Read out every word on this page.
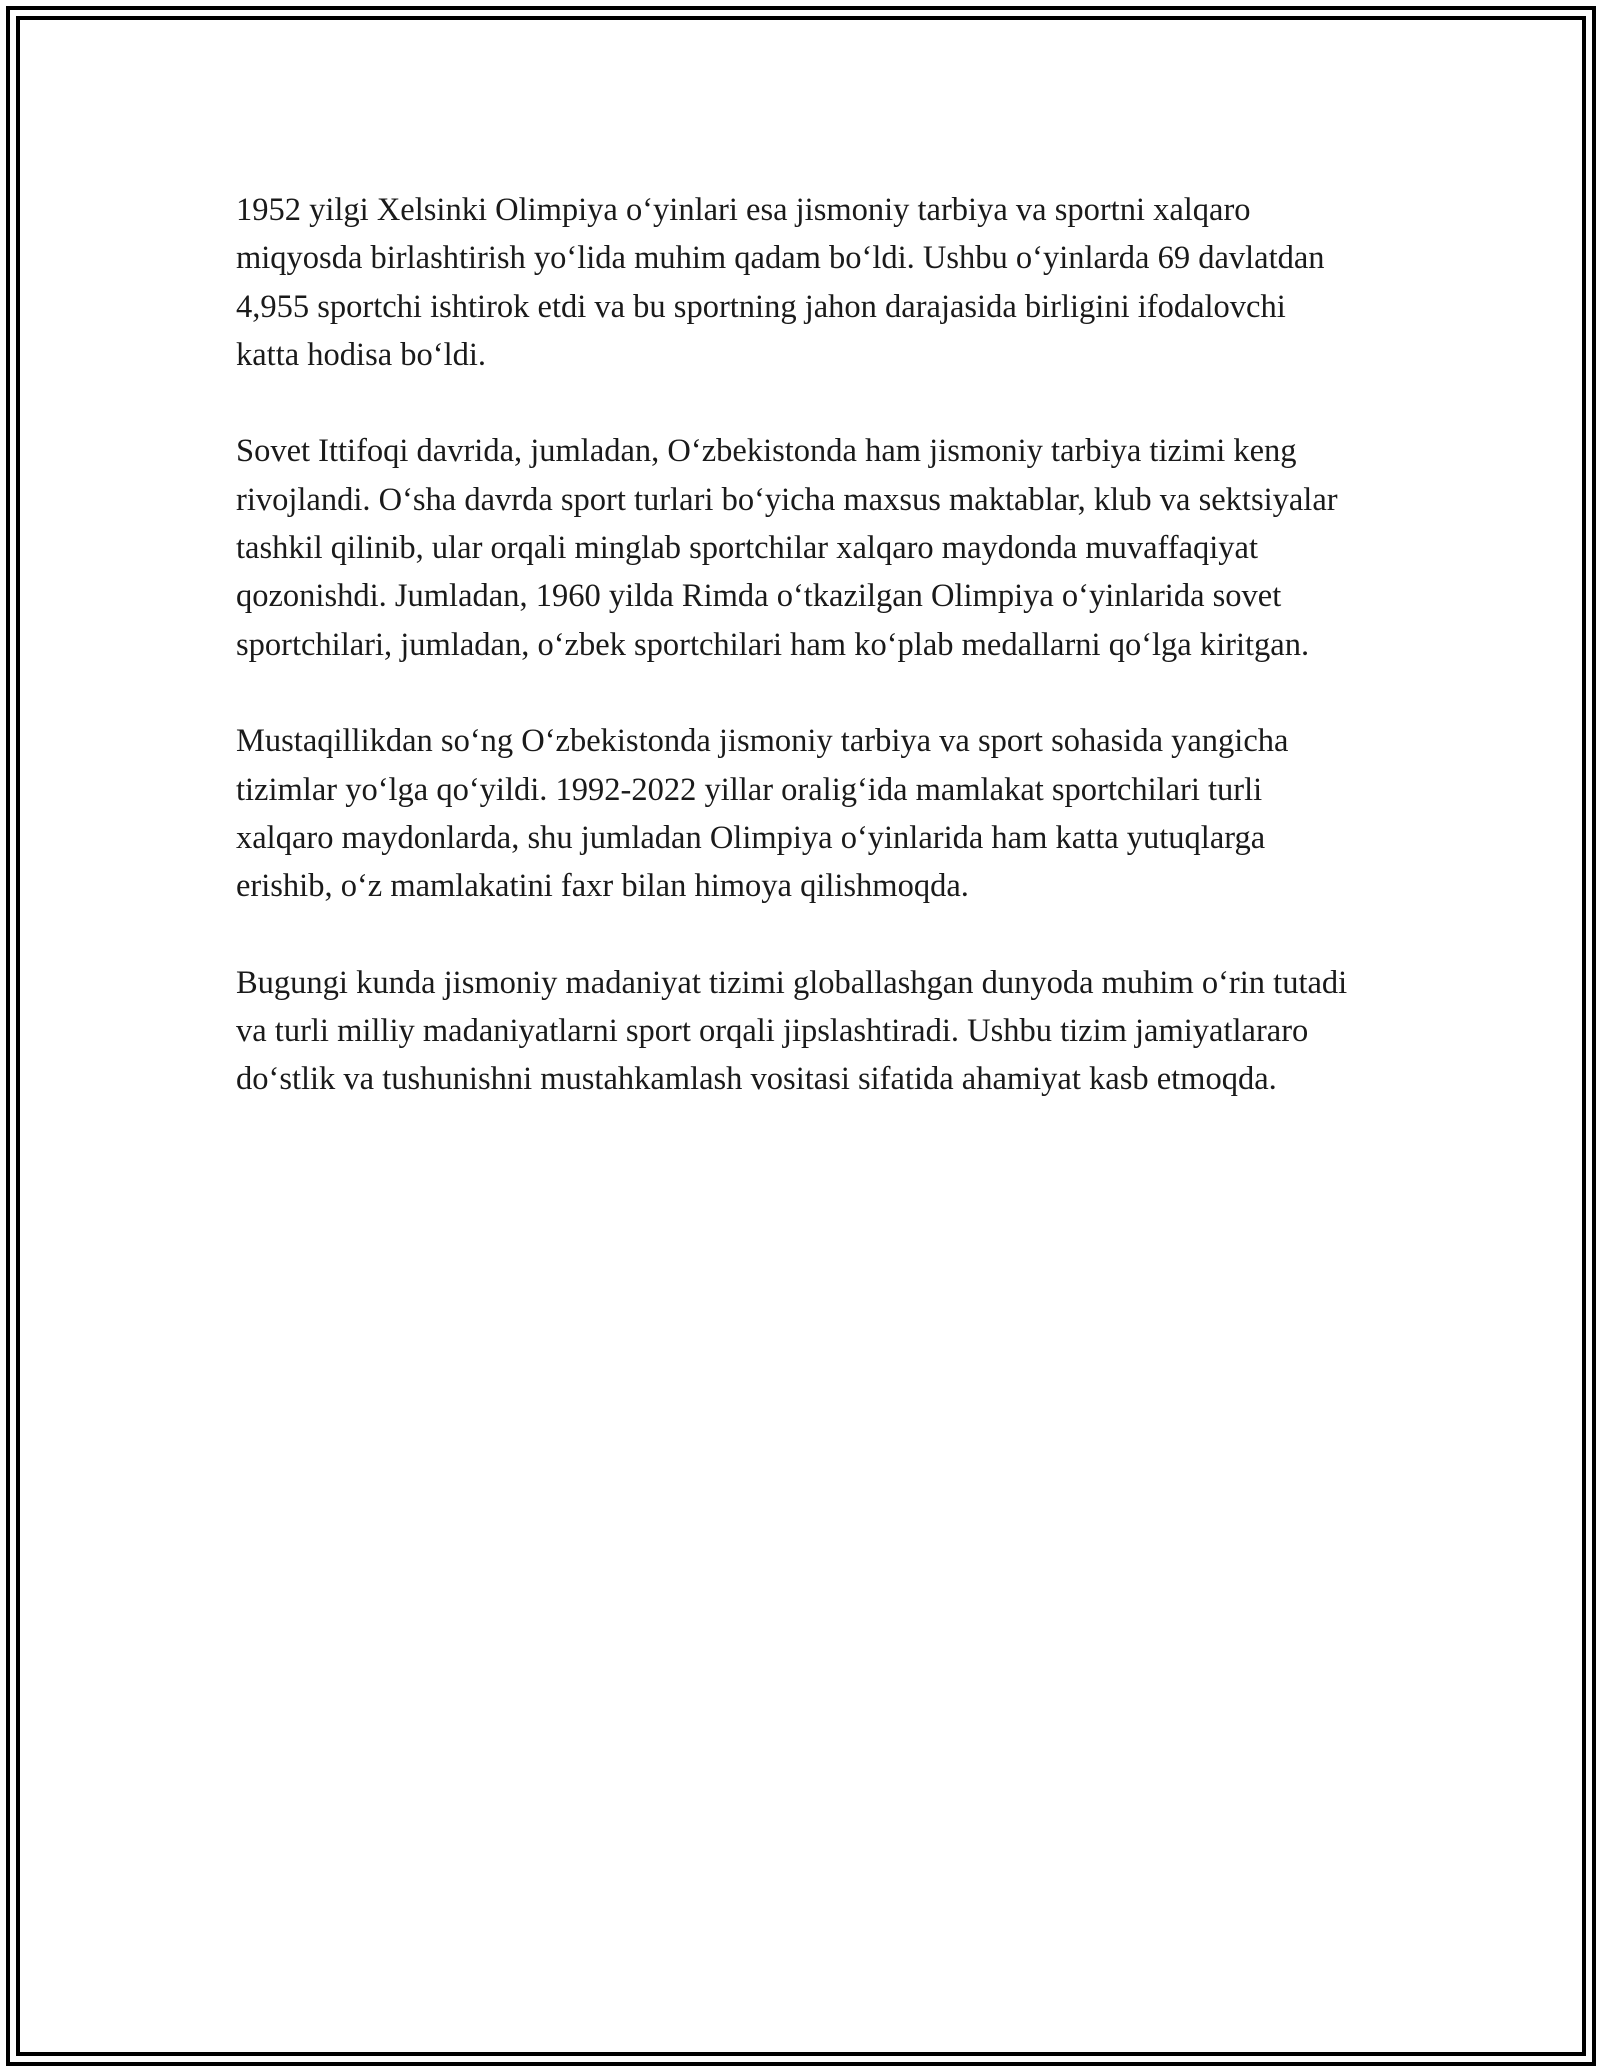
1952 yilgi Xelsinki Olimpiya o‘yinlari esa jismoniy tarbiya va sportni xalqaro miqyosda birlashtirish yo‘lida muhim qadam bo‘ldi. Ushbu o‘yinlarda 69 davlatdan 4,955 sportchi ishtirok etdi va bu sportning jahon darajasida birligini ifodalovchi katta hodisa bo‘ldi.

Sovet Ittifoqi davrida, jumladan, O‘zbekistonda ham jismoniy tarbiya tizimi keng rivojlandi. O‘sha davrda sport turlari bo‘yicha maxsus maktablar, klub va sektsiyalar tashkil qilinib, ular orqali minglab sportchilar xalqaro maydonda muvaffaqiyat qozonishdi. Jumladan, 1960 yilda Rimda o‘tkazilgan Olimpiya o‘yinlarida sovet sportchilari, jumladan, o‘zbek sportchilari ham ko‘plab medallarni qo‘lga kiritgan.

Mustaqillikdan so‘ng O‘zbekistonda jismoniy tarbiya va sport sohasida yangicha tizimlar yo‘lga qo‘yildi. 1992-2022 yillar oralig‘ida mamlakat sportchilari turli xalqaro maydonlarda, shu jumladan Olimpiya o‘yinlarida ham katta yutuqlarga erishib, o‘z mamlakatini faxr bilan himoya qilishmoqda.

Bugungi kunda jismoniy madaniyat tizimi globallashgan dunyoda muhim o‘rin tutadi va turli milliy madaniyatlarni sport orqali jipslashtiradi. Ushbu tizim jamiyatlararo do‘stlik va tushunishni mustahkamlash vositasi sifatida ahamiyat kasb etmoqda.
